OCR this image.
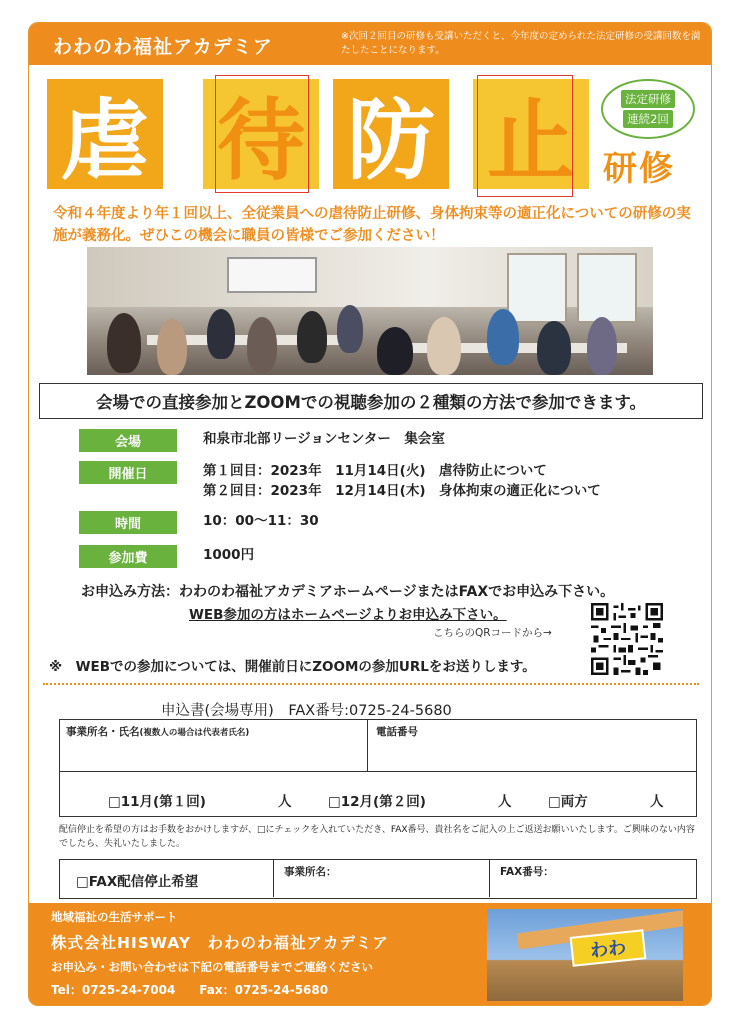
わわのわ福祉アカデミア	※次回２回目の研修も受講いただくと、今年度の定められた法定研修の受講回数を満たしたことになります。
虐 待 防 止	法定研修
連続2回
研修
令和４年度より年１回以上、全従業員への虐待防止研修、身体拘束等の適正化についての研修の実施が義務化。ぜひこの機会に職員の皆様でご参加ください！
会場での直接参加とZOOMでの視聴参加の２種類の方法で参加できます。
会場	和泉市北部リージョンセンター　集会室
開催日	第１回目：2023年　11月14日(火)　虐待防止について
第２回目：2023年　12月14日(木)　身体拘束の適正化について
時間	10：00～11：30
参加費	1000円
お申込み方法：わわのわ福祉アカデミアホームページまたはFAXでお申込み下さい。
WEB参加の方はホームページよりお申込み下さい。
こちらのQRコードから→
※　WEBでの参加については、開催前日にZOOMの参加URLをお送りします。
申込書(会場専用)　FAX番号:0725-24-5680
事業所名・氏名(複数人の場合は代表者氏名)	電話番号
□11月(第１回)	人	□12月(第２回)	人	□両方	人
配信停止を希望の方はお手数をおかけしますが、□にチェックを入れていただき、FAX番号、貴社名をご記入の上ご返送お願いいたします。ご興味のない内容でしたら、失礼いたしました。
□FAX配信停止希望
事業所名：	FAX番号：
地域福祉の生活サポート
株式会社HISWAY　わわのわ福祉アカデミア
お申込み・お問い合わせは下記の電話番号までご連絡ください
Tel：0725-24-7004　　Fax：0725-24-5680
わわ
